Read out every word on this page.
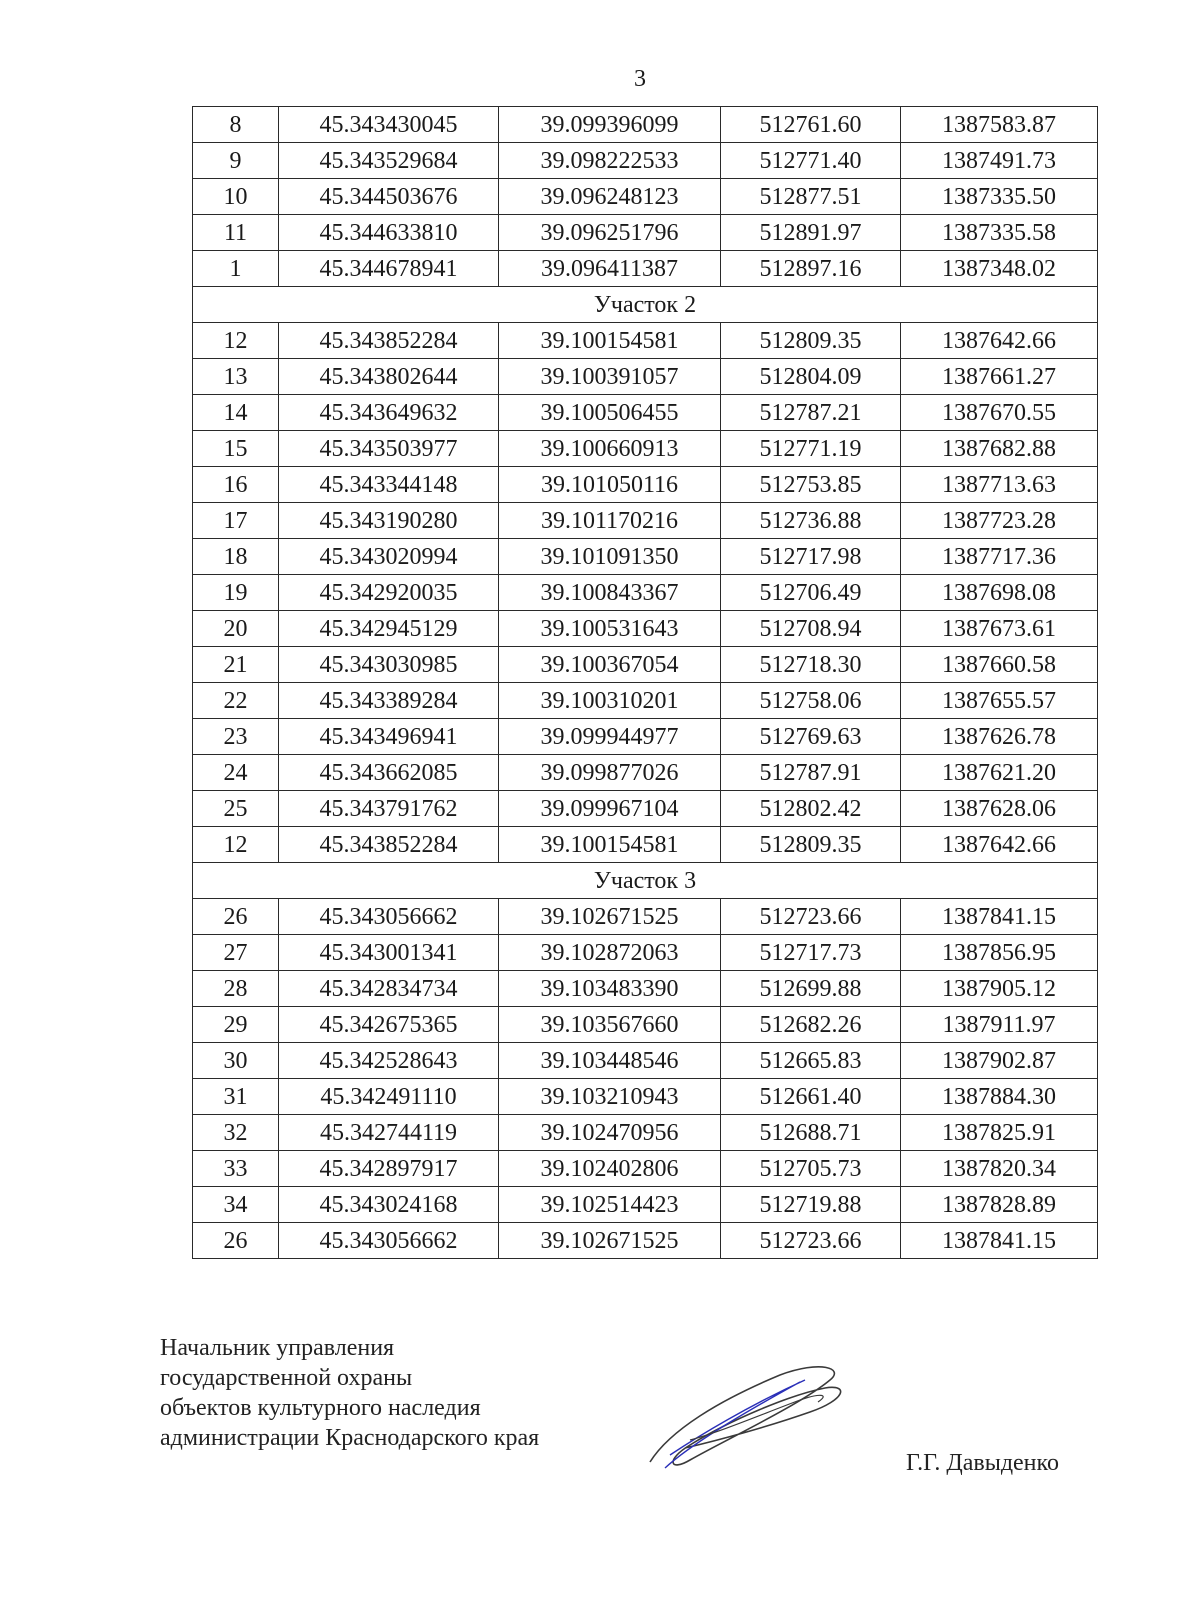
3
8	45.343430045	39.099396099	512761.60	1387583.87
9	45.343529684	39.098222533	512771.40	1387491.73
10	45.344503676	39.096248123	512877.51	1387335.50
11	45.344633810	39.096251796	512891.97	1387335.58
1	45.344678941	39.096411387	512897.16	1387348.02
Участок 2				
12	45.343852284	39.100154581	512809.35	1387642.66
13	45.343802644	39.100391057	512804.09	1387661.27
14	45.343649632	39.100506455	512787.21	1387670.55
15	45.343503977	39.100660913	512771.19	1387682.88
16	45.343344148	39.101050116	512753.85	1387713.63
17	45.343190280	39.101170216	512736.88	1387723.28
18	45.343020994	39.101091350	512717.98	1387717.36
19	45.342920035	39.100843367	512706.49	1387698.08
20	45.342945129	39.100531643	512708.94	1387673.61
21	45.343030985	39.100367054	512718.30	1387660.58
22	45.343389284	39.100310201	512758.06	1387655.57
23	45.343496941	39.099944977	512769.63	1387626.78
24	45.343662085	39.099877026	512787.91	1387621.20
25	45.343791762	39.099967104	512802.42	1387628.06
12	45.343852284	39.100154581	512809.35	1387642.66
Участок 3				
26	45.343056662	39.102671525	512723.66	1387841.15
27	45.343001341	39.102872063	512717.73	1387856.95
28	45.342834734	39.103483390	512699.88	1387905.12
29	45.342675365	39.103567660	512682.26	1387911.97
30	45.342528643	39.103448546	512665.83	1387902.87
31	45.342491110	39.103210943	512661.40	1387884.30
32	45.342744119	39.102470956	512688.71	1387825.91
33	45.342897917	39.102402806	512705.73	1387820.34
34	45.343024168	39.102514423	512719.88	1387828.89
26	45.343056662	39.102671525	512723.66	1387841.15
Начальник управления
государственной охраны
объектов культурного наследия
администрации Краснодарского края
Г.Г. Давыденко
